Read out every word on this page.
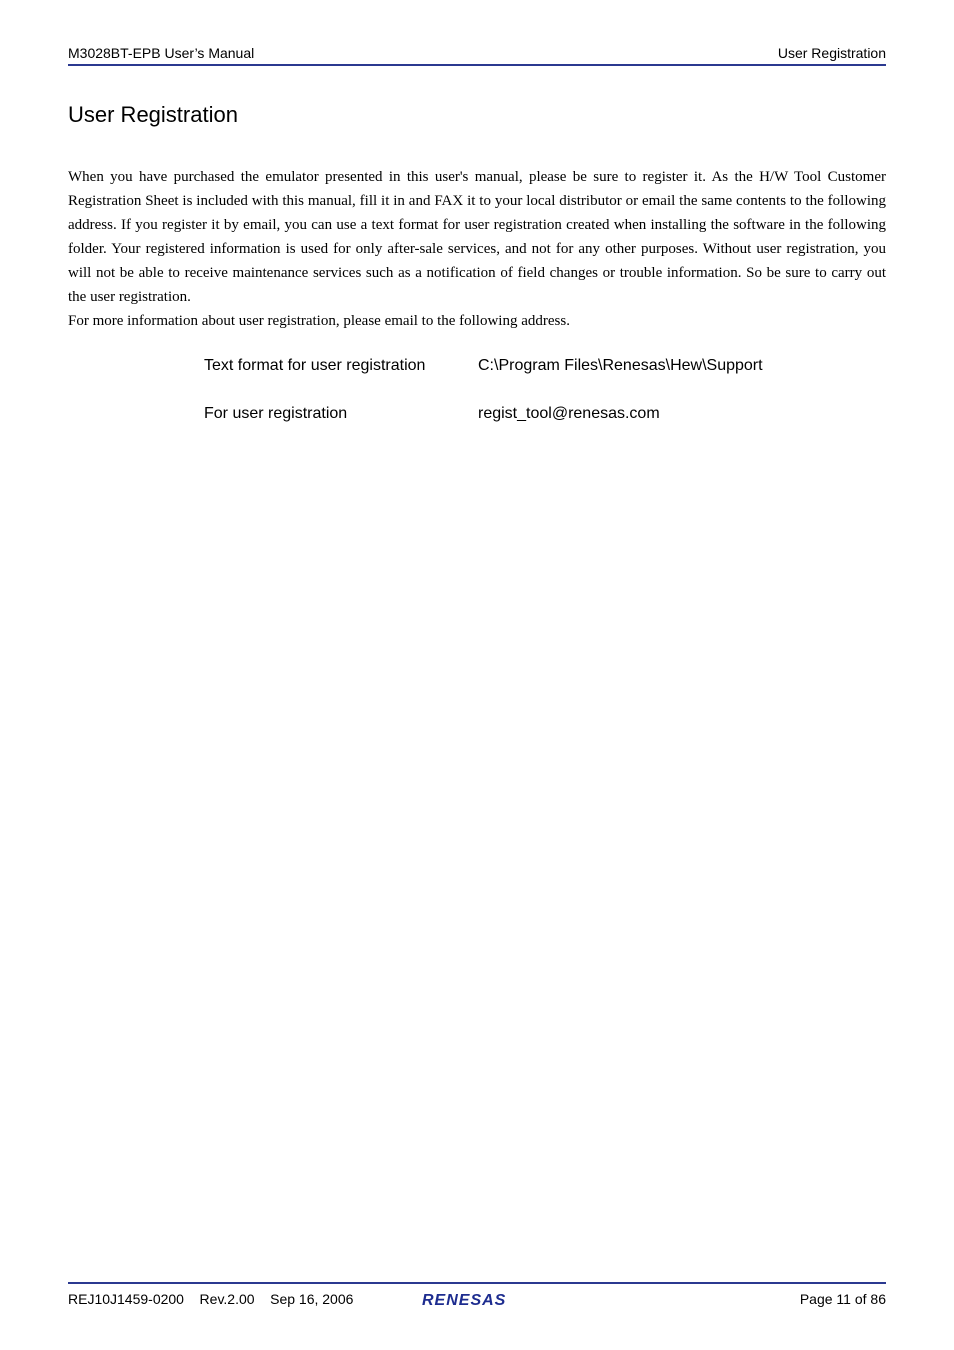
M3028BT-EPB User’s Manual	User Registration
User Registration

When you have purchased the emulator presented in this user's manual, please be sure to register it. As the H/W Tool Customer Registration Sheet is included with this manual, fill it in and FAX it to your local distributor or email the same contents to the following address. If you register it by email, you can use a text format for user registration created when installing the software in the following folder. Your registered information is used for only after-sale services, and not for any other purposes. Without user registration, you will not be able to receive maintenance services such as a notification of field changes or trouble information. So be sure to carry out the user registration.

For more information about user registration, please email to the following address.

Text format for user registration	C:\Program Files\Renesas\Hew\Support
For user registration	regist_tool@renesas.com
REJ10J1459-0200 Rev.2.00 Sep 16, 2006	Page 11 of 86
RENESAS
